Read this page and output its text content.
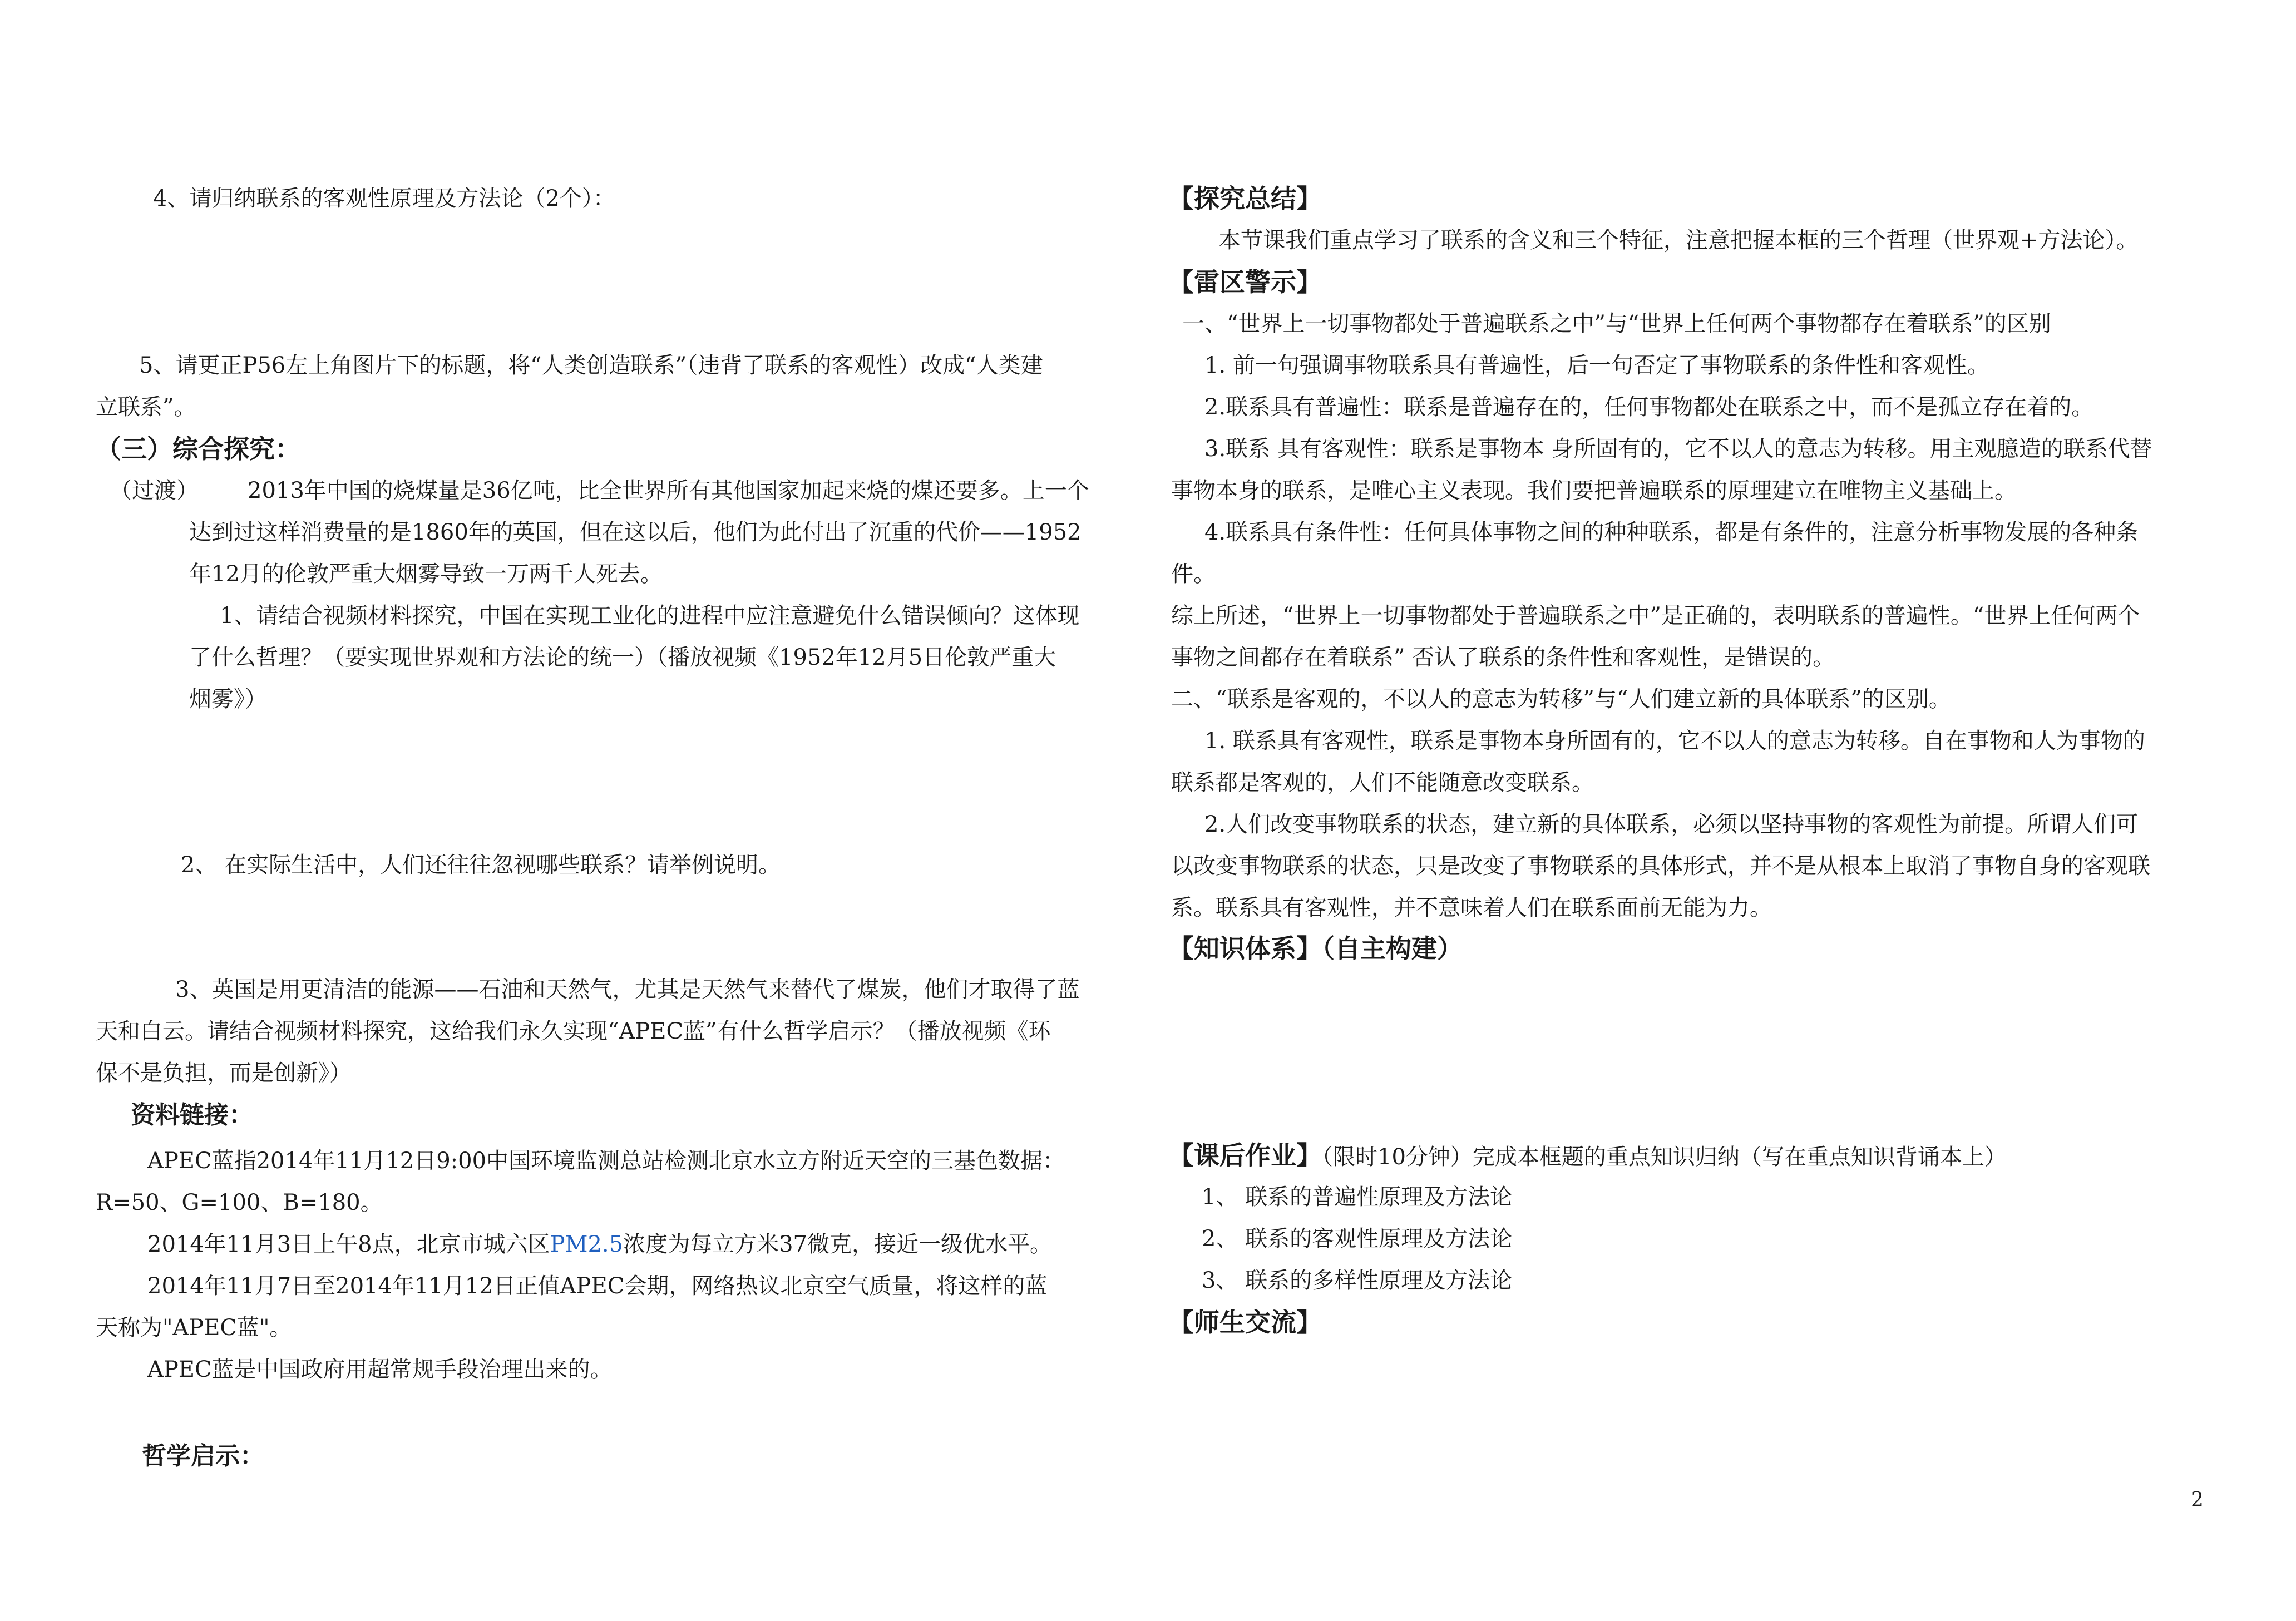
4、请归纳联系的客观性原理及方法论（2个）：
5、请更正P56左上角图片下的标题，将“人类创造联系”（违背了联系的客观性）改成“人类建
立联系”。
（三）综合探究：
（过渡） 2013年中国的烧煤量是36亿吨，比全世界所有其他国家加起来烧的煤还要多。上一个
达到过这样消费量的是1860年的英国，但在这以后，他们为此付出了沉重的代价——1952
年12月的伦敦严重大烟雾导致一万两千人死去。
1、请结合视频材料探究，中国在实现工业化的进程中应注意避免什么错误倾向？这体现
了什么哲理？（要实现世界观和方法论的统一）（播放视频《1952年12月5日伦敦严重大
烟雾》）
2、 在实际生活中，人们还往往忽视哪些联系？请举例说明。
3、英国是用更清洁的能源——石油和天然气，尤其是天然气来替代了煤炭，他们才取得了蓝
天和白云。请结合视频材料探究，这给我们永久实现“APEC蓝”有什么哲学启示？（播放视频《环
保不是负担，而是创新》）
资料链接：
APEC蓝指2014年11月12日9:00中国环境监测总站检测北京水立方附近天空的三基色数据：
R=50、G=100、B=180。
2014年11月3日上午8点，北京市城六区PM2.5浓度为每立方米37微克，接近一级优水平。
2014年11月7日至2014年11月12日正值APEC会期，网络热议北京空气质量，将这样的蓝
天称为"APEC蓝"。
APEC蓝是中国政府用超常规手段治理出来的。
哲学启示：
【探究总结】
本节课我们重点学习了联系的含义和三个特征，注意把握本框的三个哲理（世界观+方法论）。
【雷区警示】
一、“世界上一切事物都处于普遍联系之中”与“世界上任何两个事物都存在着联系”的区别
1. 前一句强调事物联系具有普遍性，后一句否定了事物联系的条件性和客观性。
2.联系具有普遍性：联系是普遍存在的，任何事物都处在联系之中，而不是孤立存在着的。
3.联系 具有客观性：联系是事物本 身所固有的，它不以人的意志为转移。用主观臆造的联系代替
事物本身的联系，是唯心主义表现。我们要把普遍联系的原理建立在唯物主义基础上。
4.联系具有条件性：任何具体事物之间的种种联系，都是有条件的，注意分析事物发展的各种条
件。
综上所述，“世界上一切事物都处于普遍联系之中”是正确的，表明联系的普遍性。“世界上任何两个
事物之间都存在着联系” 否认了联系的条件性和客观性，是错误的。
二、“联系是客观的，不以人的意志为转移”与“人们建立新的具体联系”的区别。
1. 联系具有客观性，联系是事物本身所固有的，它不以人的意志为转移。自在事物和人为事物的
联系都是客观的，人们不能随意改变联系。
2.人们改变事物联系的状态，建立新的具体联系，必须以坚持事物的客观性为前提。所谓人们可
以改变事物联系的状态，只是改变了事物联系的具体形式，并不是从根本上取消了事物自身的客观联
系。联系具有客观性，并不意味着人们在联系面前无能为力。
【知识体系】（自主构建）
【课后作业】（限时10分钟）完成本框题的重点知识归纳（写在重点知识背诵本上）
1、 联系的普遍性原理及方法论
2、 联系的客观性原理及方法论
3、 联系的多样性原理及方法论
【师生交流】
2
